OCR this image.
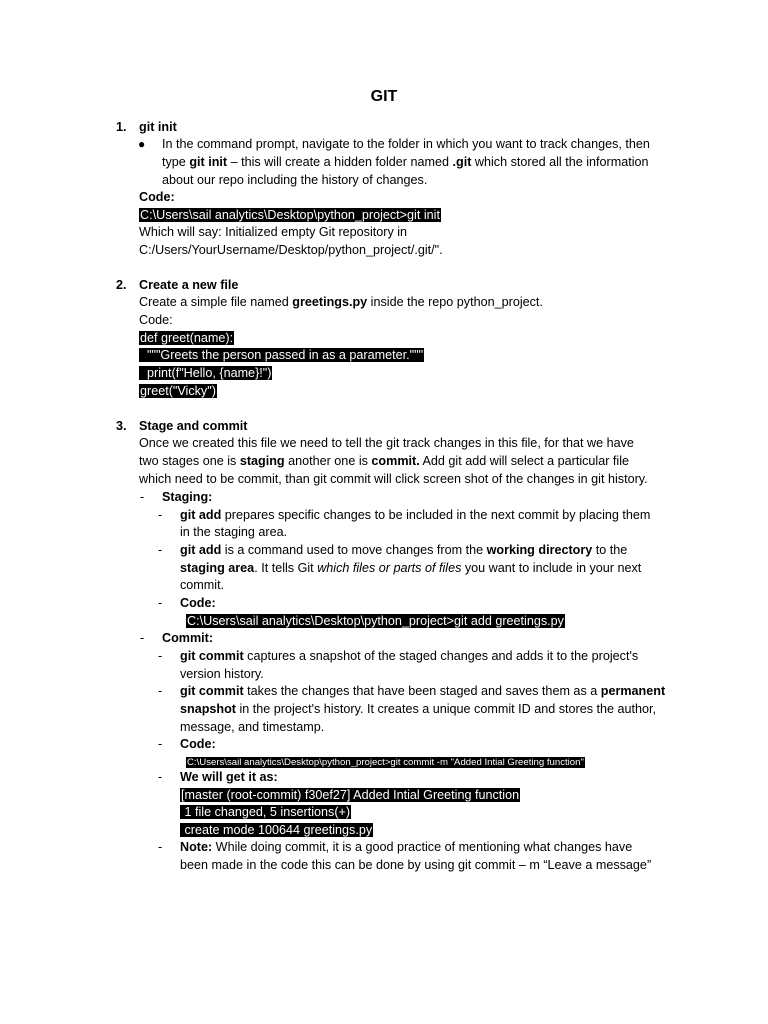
GIT
1. git init
● In the command prompt, navigate to the folder in which you want to track changes, then
type git init – this will create a hidden folder named .git which stored all the information
about our repo including the history of changes.
Code:
C:\Users\sail analytics\Desktop\python_project>git init
Which will say: Initialized empty Git repository in
C:/Users/YourUsername/Desktop/python_project/.git/".
2. Create a new file
Create a simple file named greetings.py inside the repo python_project.
Code:
def greet(name):
"""Greets the person passed in as a parameter."""
print(f"Hello, {name}!")
greet("Vicky")
3. Stage and commit
Once we created this file we need to tell the git track changes in this file, for that we have
two stages one is staging another one is commit. Add git add will select a particular file
which need to be commit, than git commit will click screen shot of the changes in git history.
- Staging:
- git add prepares specific changes to be included in the next commit by placing them
in the staging area.
- git add is a command used to move changes from the working directory to the
staging area. It tells Git which files or parts of files you want to include in your next
commit.
- Code:
C:\Users\sail analytics\Desktop\python_project>git add greetings.py
- Commit:
- git commit captures a snapshot of the staged changes and adds it to the project's
version history.
- git commit takes the changes that have been staged and saves them as a permanent
snapshot in the project's history. It creates a unique commit ID and stores the author,
message, and timestamp.
- Code:
C:\Users\sail analytics\Desktop\python_project>git commit -m "Added Intial Greeting function"
- We will get it as:
[master (root-commit) f30ef27] Added Intial Greeting function
1 file changed, 5 insertions(+)
create mode 100644 greetings.py
- Note: While doing commit, it is a good practice of mentioning what changes have
been made in the code this can be done by using git commit – m “Leave a message”
